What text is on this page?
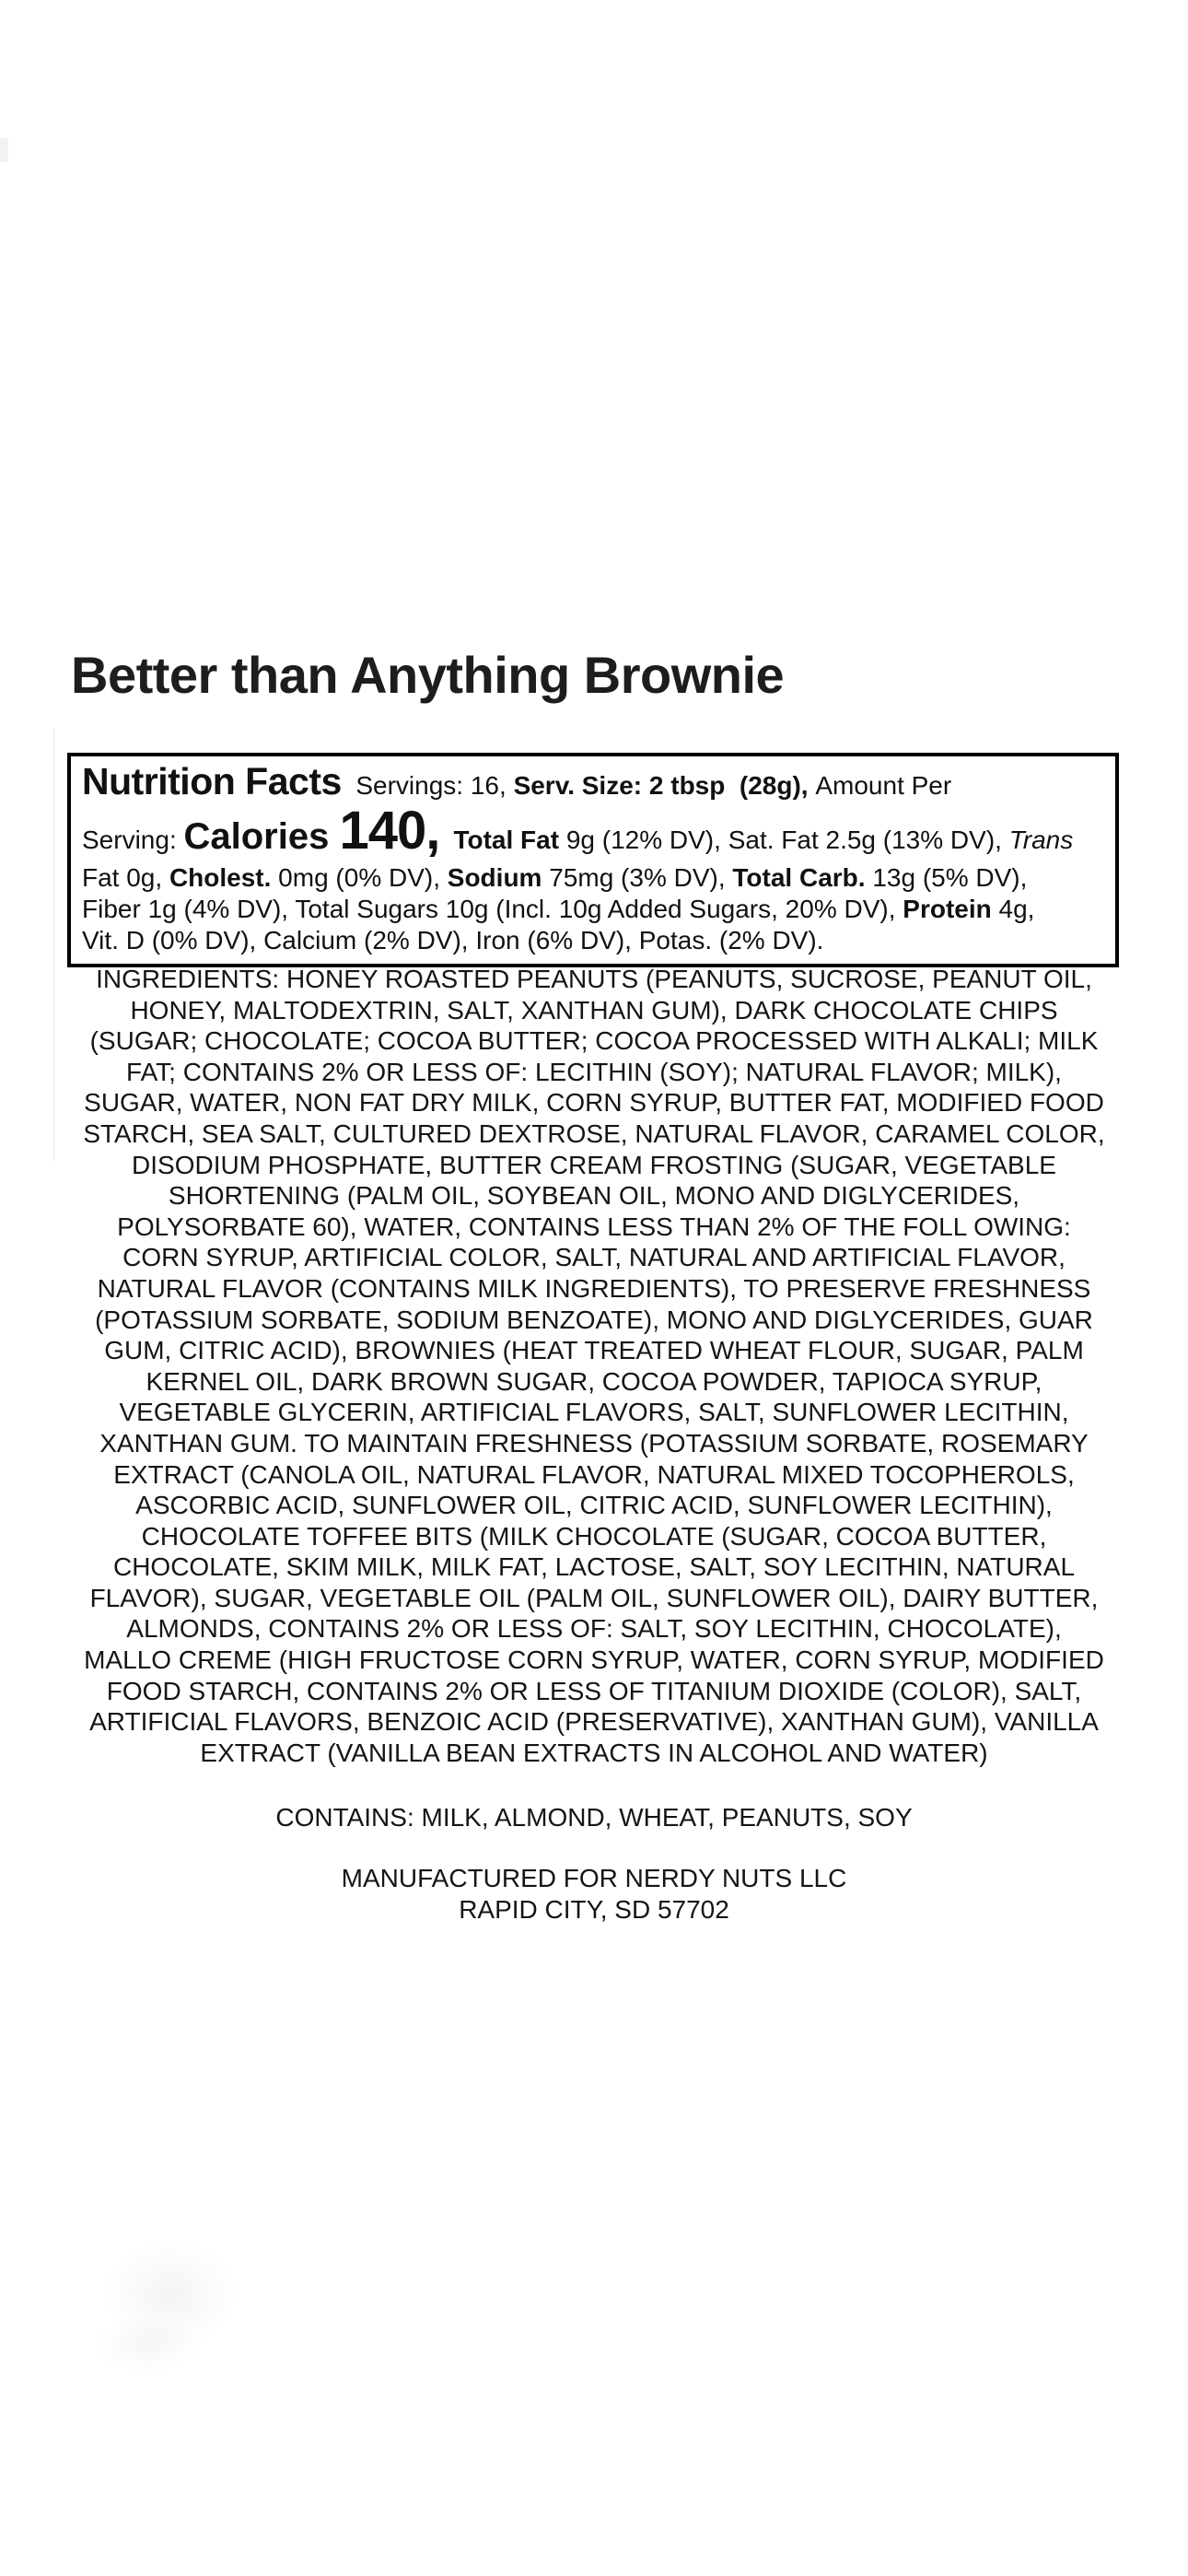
Better than Anything Brownie
Nutrition Facts  Servings: 16, Serv. Size: 2 tbsp  (28g), Amount Per
Serving: Calories 140, Total Fat 9g (12% DV), Sat. Fat 2.5g (13% DV), Trans
Fat 0g, Cholest. 0mg (0% DV), Sodium 75mg (3% DV), Total Carb. 13g (5% DV),
Fiber 1g (4% DV), Total Sugars 10g (Incl. 10g Added Sugars, 20% DV), Protein 4g,
Vit. D (0% DV), Calcium (2% DV), Iron (6% DV), Potas. (2% DV).
INGREDIENTS: HONEY ROASTED PEANUTS (PEANUTS, SUCROSE, PEANUT OIL,
HONEY, MALTODEXTRIN, SALT, XANTHAN GUM), DARK CHOCOLATE CHIPS
(SUGAR; CHOCOLATE; COCOA BUTTER; COCOA PROCESSED WITH ALKALI; MILK
FAT; CONTAINS 2% OR LESS OF: LECITHIN (SOY); NATURAL FLAVOR; MILK),
SUGAR, WATER, NON FAT DRY MILK, CORN SYRUP, BUTTER FAT, MODIFIED FOOD
STARCH, SEA SALT, CULTURED DEXTROSE, NATURAL FLAVOR, CARAMEL COLOR,
DISODIUM PHOSPHATE, BUTTER CREAM FROSTING (SUGAR, VEGETABLE
SHORTENING (PALM OIL, SOYBEAN OIL, MONO AND DIGLYCERIDES,
POLYSORBATE 60), WATER, CONTAINS LESS THAN 2% OF THE FOLL OWING:
CORN SYRUP, ARTIFICIAL COLOR, SALT, NATURAL AND ARTIFICIAL FLAVOR,
NATURAL FLAVOR (CONTAINS MILK INGREDIENTS), TO PRESERVE FRESHNESS
(POTASSIUM SORBATE, SODIUM BENZOATE), MONO AND DIGLYCERIDES, GUAR
GUM, CITRIC ACID), BROWNIES (HEAT TREATED WHEAT FLOUR, SUGAR, PALM
KERNEL OIL, DARK BROWN SUGAR, COCOA POWDER, TAPIOCA SYRUP,
VEGETABLE GLYCERIN, ARTIFICIAL FLAVORS, SALT, SUNFLOWER LECITHIN,
XANTHAN GUM. TO MAINTAIN FRESHNESS (POTASSIUM SORBATE, ROSEMARY
EXTRACT (CANOLA OIL, NATURAL FLAVOR, NATURAL MIXED TOCOPHEROLS,
ASCORBIC ACID, SUNFLOWER OIL, CITRIC ACID, SUNFLOWER LECITHIN),
CHOCOLATE TOFFEE BITS (MILK CHOCOLATE (SUGAR, COCOA BUTTER,
CHOCOLATE, SKIM MILK, MILK FAT, LACTOSE, SALT, SOY LECITHIN, NATURAL
FLAVOR), SUGAR, VEGETABLE OIL (PALM OIL, SUNFLOWER OIL), DAIRY BUTTER,
ALMONDS, CONTAINS 2% OR LESS OF: SALT, SOY LECITHIN, CHOCOLATE),
MALLO CREME (HIGH FRUCTOSE CORN SYRUP, WATER, CORN SYRUP, MODIFIED
FOOD STARCH, CONTAINS 2% OR LESS OF TITANIUM DIOXIDE (COLOR), SALT,
ARTIFICIAL FLAVORS, BENZOIC ACID (PRESERVATIVE), XANTHAN GUM), VANILLA
EXTRACT (VANILLA BEAN EXTRACTS IN ALCOHOL AND WATER)
CONTAINS: MILK, ALMOND, WHEAT, PEANUTS, SOY
MANUFACTURED FOR NERDY NUTS LLC
RAPID CITY, SD 57702
